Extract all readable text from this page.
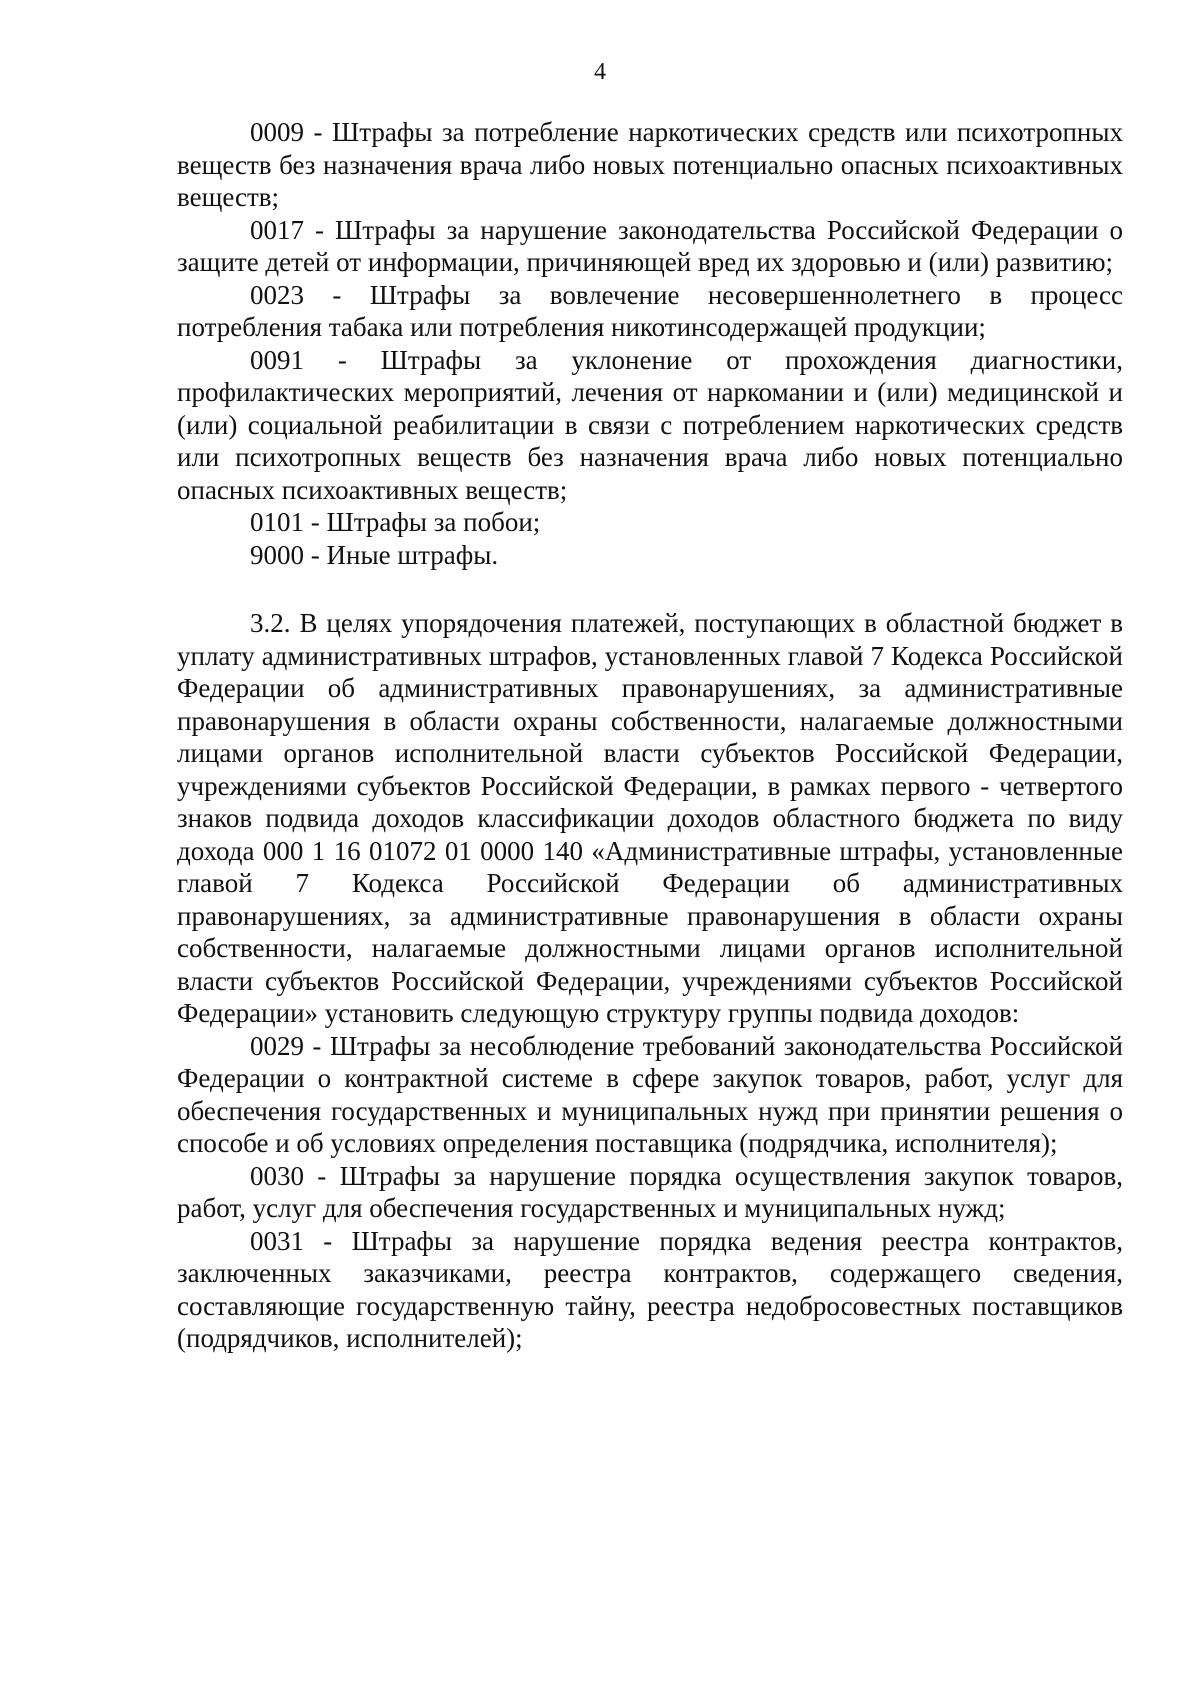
4

0009 - Штрафы за потребление наркотических средств или психотропных веществ без назначения врача либо новых потенциально опасных психоактивных веществ;

0017 - Штрафы за нарушение законодательства Российской Федерации о защите детей от информации, причиняющей вред их здоровью и (или) развитию;

0023 - Штрафы за вовлечение несовершеннолетнего в процесс потребления табака или потребления никотинсодержащей продукции;

0091 - Штрафы за уклонение от прохождения диагностики, профилактических мероприятий, лечения от наркомании и (или) медицинской и (или) социальной реабилитации в связи с потреблением наркотических средств или психотропных веществ без назначения врача либо новых потенциально опасных психоактивных веществ;

0101 - Штрафы за побои;

9000 - Иные штрафы.

3.2. В целях упорядочения платежей, поступающих в областной бюджет в уплату административных штрафов, установленных главой 7 Кодекса Российской Федерации об административных правонарушениях, за административные правонарушения в области охраны собственности, налагаемые должностными лицами органов исполнительной власти субъектов Российской Федерации, учреждениями субъектов Российской Федерации, в рамках первого - четвертого знаков подвида доходов классификации доходов областного бюджета по виду дохода 000 1 16 01072 01 0000 140 «Административные штрафы, установленные главой 7 Кодекса Российской Федерации об административных правонарушениях, за административные правонарушения в области охраны собственности, налагаемые должностными лицами органов исполнительной власти субъектов Российской Федерации, учреждениями субъектов Российской Федерации» установить следующую структуру группы подвида доходов:

0029 - Штрафы за несоблюдение требований законодательства Российской Федерации о контрактной системе в сфере закупок товаров, работ, услуг для обеспечения государственных и муниципальных нужд при принятии решения о способе и об условиях определения поставщика (подрядчика, исполнителя);

0030 - Штрафы за нарушение порядка осуществления закупок товаров, работ, услуг для обеспечения государственных и муниципальных нужд;

0031 - Штрафы за нарушение порядка ведения реестра контрактов, заключенных заказчиками, реестра контрактов, содержащего сведения, составляющие государственную тайну, реестра недобросовестных поставщиков (подрядчиков, исполнителей);
